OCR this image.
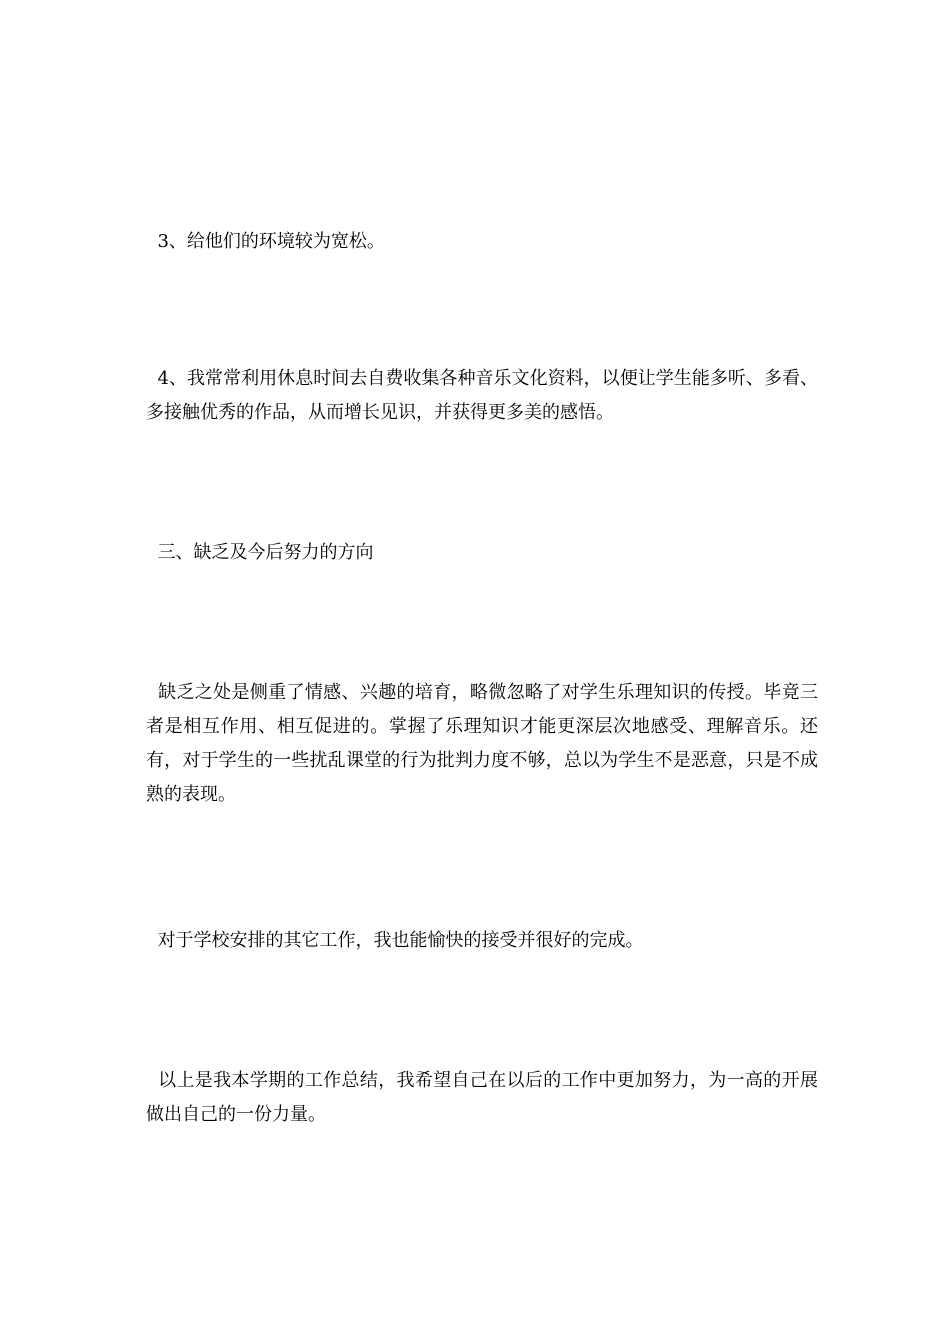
3、给他们的环境较为宽松。

4、我常常利用休息时间去自费收集各种音乐文化资料，以便让学生能多听、多看、多接触优秀的作品，从而增长见识，并获得更多美的感悟。

三、缺乏及今后努力的方向

缺乏之处是侧重了情感、兴趣的培育，略微忽略了对学生乐理知识的传授。毕竟三者是相互作用、相互促进的。掌握了乐理知识才能更深层次地感受、理解音乐。还有，对于学生的一些扰乱课堂的行为批判力度不够，总以为学生不是恶意，只是不成熟的表现。

对于学校安排的其它工作，我也能愉快的接受并很好的完成。

以上是我本学期的工作总结，我希望自己在以后的工作中更加努力，为一高的开展做出自己的一份力量。
